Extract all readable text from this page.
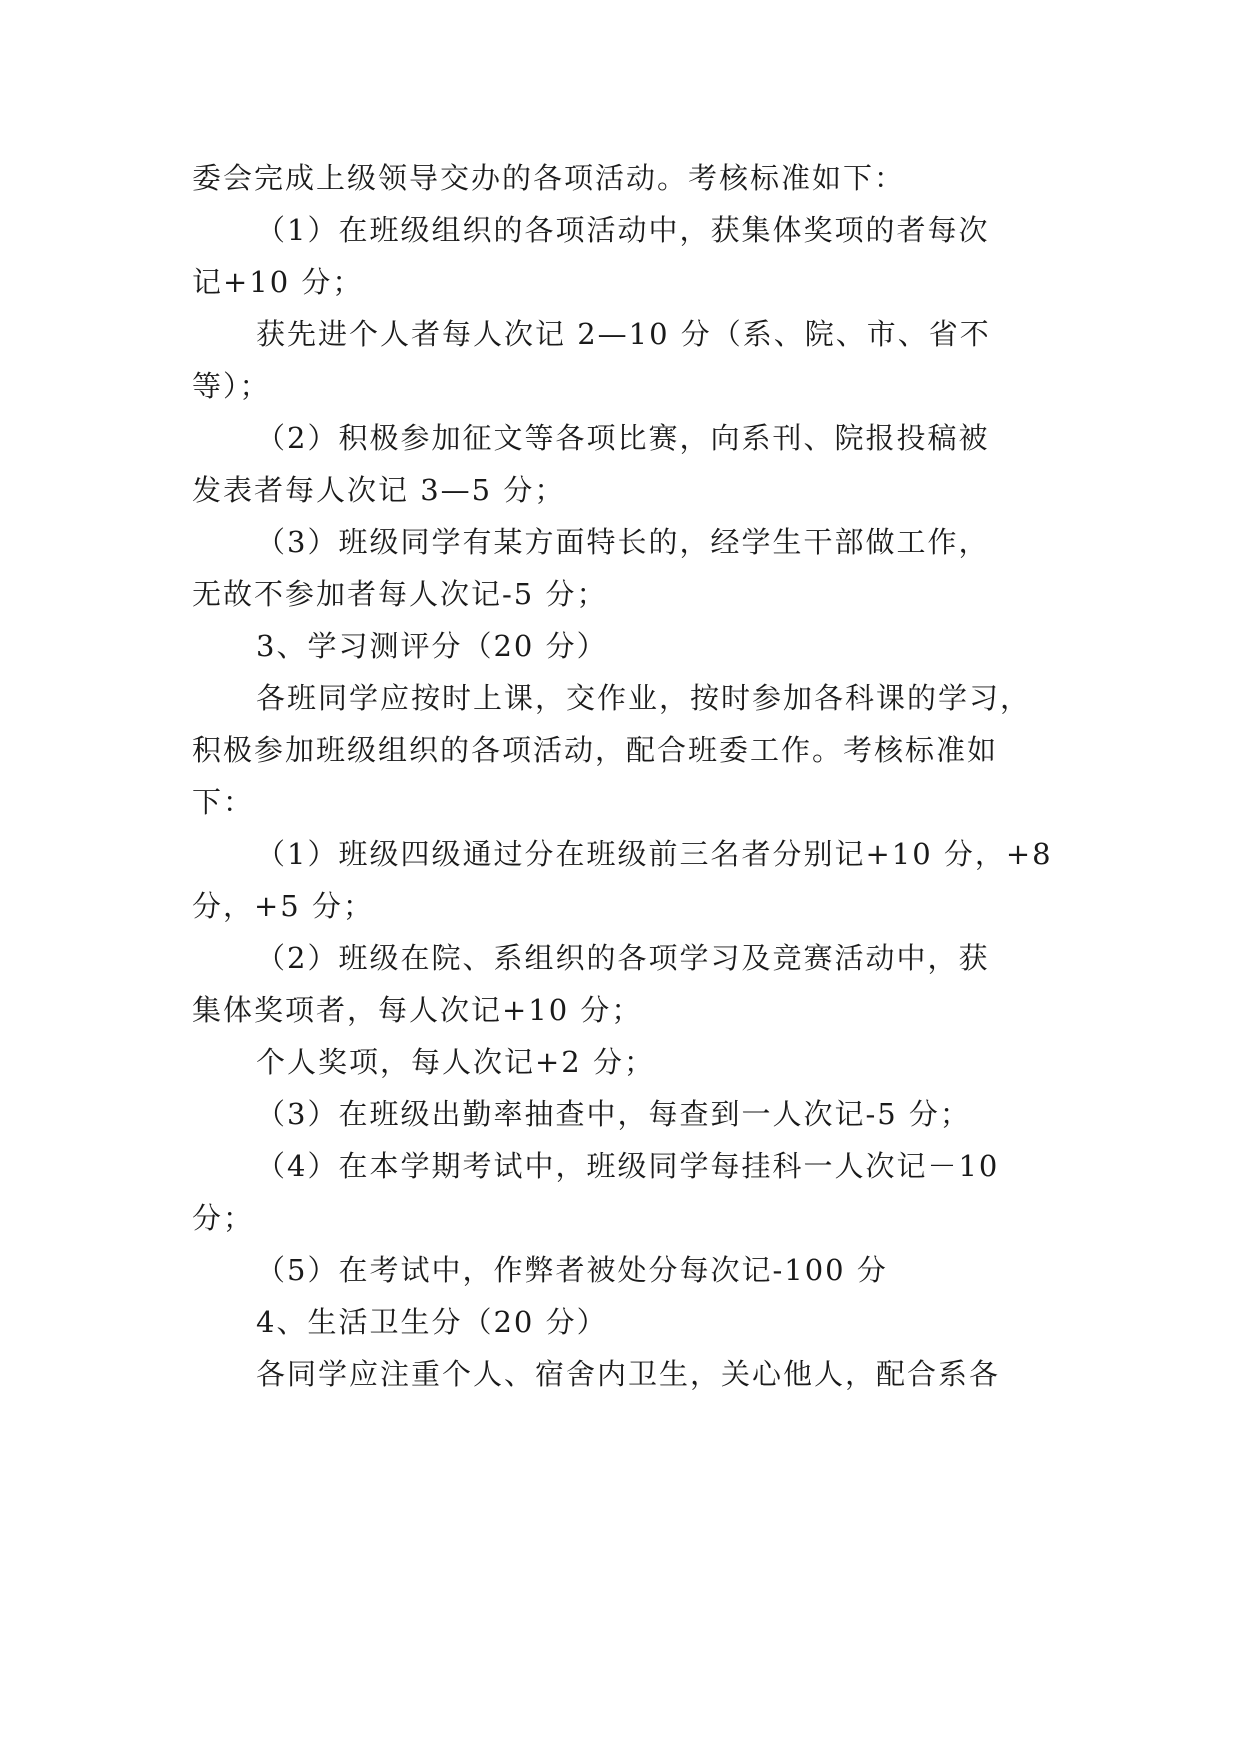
委会完成上级领导交办的各项活动。考核标准如下：
（1）在班级组织的各项活动中，获集体奖项的者每次
记+10 分；
获先进个人者每人次记 2—10 分（系、院、市、省不
等）；
（2）积极参加征文等各项比赛，向系刊、院报投稿被
发表者每人次记 3—5 分；
（3）班级同学有某方面特长的，经学生干部做工作，
无故不参加者每人次记-5 分；
3、学习测评分（20 分）
各班同学应按时上课，交作业，按时参加各科课的学习，
积极参加班级组织的各项活动，配合班委工作。考核标准如
下：
（1）班级四级通过分在班级前三名者分别记+10 分，+8
分，+5 分；
（2）班级在院、系组织的各项学习及竞赛活动中，获
集体奖项者，每人次记+10 分；
个人奖项，每人次记+2 分；
（3）在班级出勤率抽查中，每查到一人次记-5 分；
（4）在本学期考试中，班级同学每挂科一人次记－10
分；
（5）在考试中，作弊者被处分每次记-100 分
4、生活卫生分（20 分）
各同学应注重个人、宿舍内卫生，关心他人，配合系各
